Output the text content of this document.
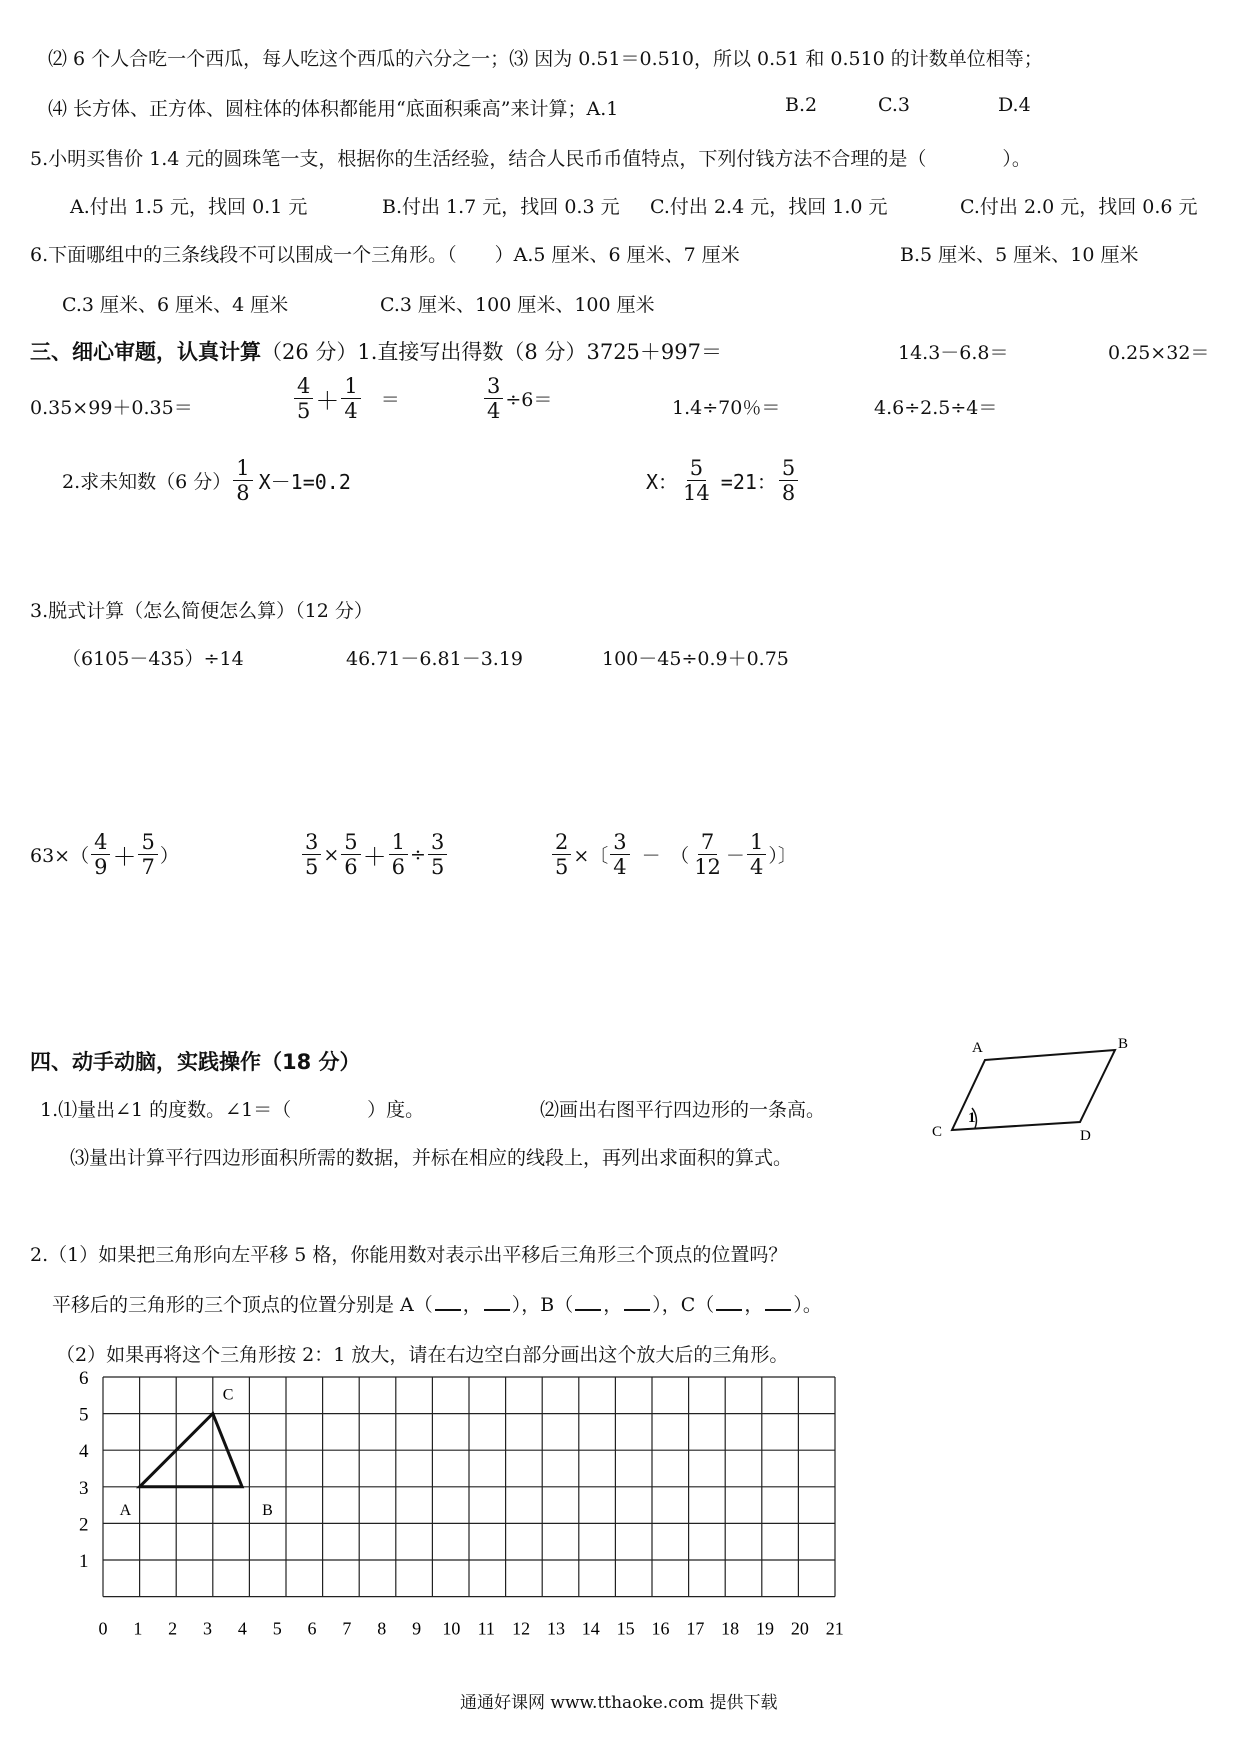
⑵ 6 个人合吃一个西瓜，每人吃这个西瓜的六分之一；⑶ 因为 0.51＝0.510，所以 0.51 和 0.510 的计数单位相等；
⑷ 长方体、正方体、圆柱体的体积都能用“底面积乘高”来计算；A.1	B.2	C.3	D.4
5.小明买售价 1.4 元的圆珠笔一支，根据你的生活经验，结合人民币币值特点，下列付钱方法不合理的是（　　　　）。
A.付出 1.5 元，找回 0.1 元	B.付出 1.7 元，找回 0.3 元 C.付出 2.4 元，找回 1.0 元	C.付出 2.0 元，找回 0.6 元
6.下面哪组中的三条线段不可以围成一个三角形。（　　）A.5 厘米、6 厘米、7 厘米	B.5 厘米、5 厘米、10 厘米
C.3 厘米、6 厘米、4 厘米	C.3 厘米、100 厘米、100 厘米
三、细心审题，认真计算（26 分）1.直接写出得数（8 分）3725＋997＝	14.3－6.8＝	0.25×32＝
0.35×99＋0.35＝	$\frac{4}{5} + \frac{1}{4}$ ＝	$\frac{3}{4} \div 6=$	1.4÷70％＝	4.6÷2.5÷4＝
2.求未知数（6 分） $\frac{1}{8} X-1=0.2$	X： $\frac{5}{14} =21$： $\frac{5}{8}$
3.脱式计算（怎么简便怎么算）（12 分）
（6105－435）÷14	46.71－6.81－3.19	100－45÷0.9＋0.75
$63\times( \frac{4}{9} + \frac{5}{7}$ ）	$\frac{3}{5} \times \frac{5}{6} + \frac{1}{6} \div \frac{3}{5}$	$\frac{2}{5}$ ×〔 $\frac{3}{4}$ －　（ $\frac{7}{12} - \frac{1}{4}$ ）〕
四、动手动脑，实践操作（18 分）
1.⑴量出∠1 的度数。∠1＝（　　　　）度。	⑵画出右图平行四边形的一条高。
⑶量出计算平行四边形面积所需的数据，并标在相应的线段上，再列出求面积的算式。
A	B
C	D
1
2.（1）如果把三角形向左平移 5 格，你能用数对表示出平移后三角形三个顶点的位置吗？
平移后的三角形的三个顶点的位置分别是 A（ ， ），B（ ， ），C（ ， ）。
（2）如果再将这个三角形按 2：1 放大，请在右边空白部分画出这个放大后的三角形。
6
5
4
3
2
1
0 1 2 3 4 5 6 7 8 9 10 11 12 13 14 15 16 17 18 19 20 21
A	B
C
通通好课网 www.tthaoke.com 提供下载
